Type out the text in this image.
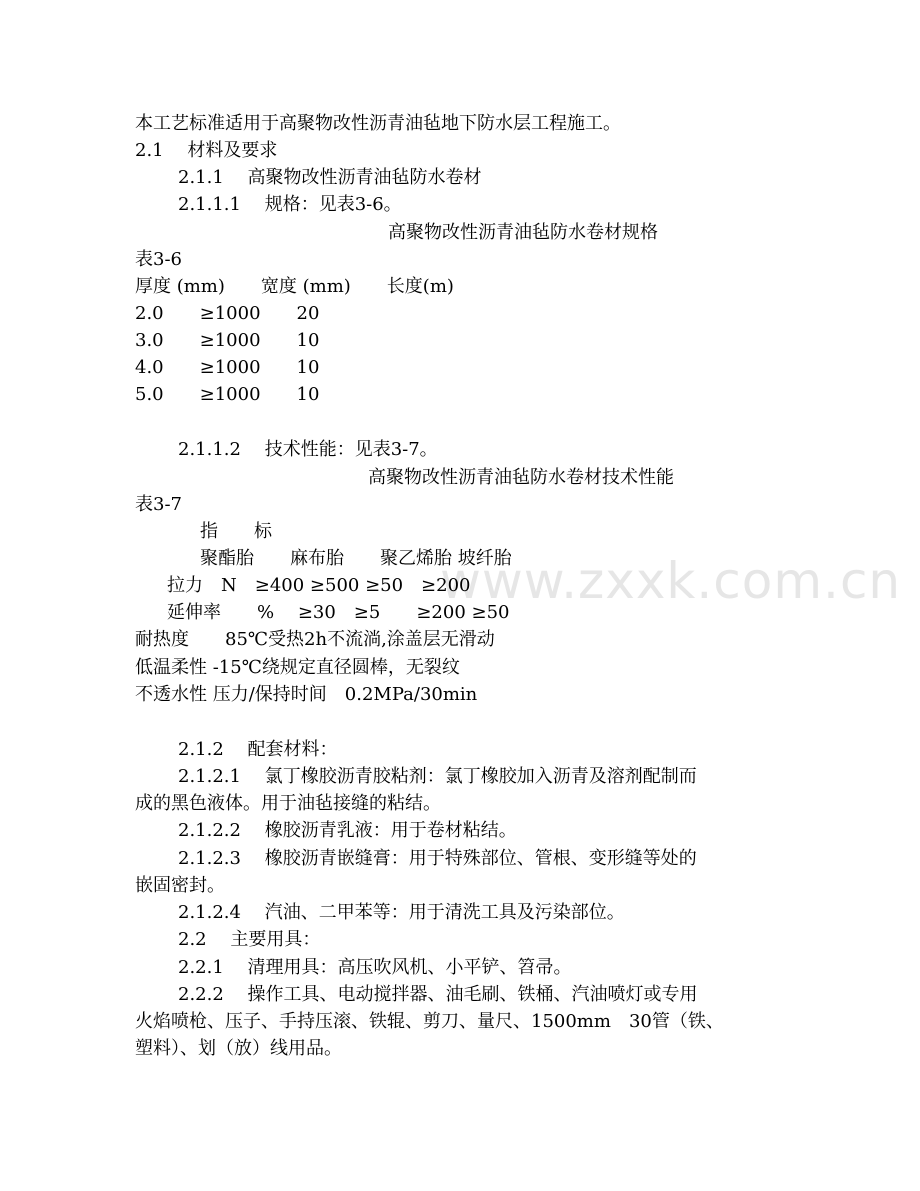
www.zxxk.com.cn

本工艺标准适用于高聚物改性沥青油毡地下防水层工程施工。

2.1　 材料及要求

2.1.1　 高聚物改性沥青油毡防水卷材

2.1.1.1　 规格：见表3-6。

高聚物改性沥青油毡防水卷材规格

表3-6

厚度 (mm)　　宽度 (mm)　　长度(m)

2.0　　≥1000　　20

3.0　　≥1000　　10

4.0　　≥1000　　10

5.0　　≥1000　　10

2.1.1.2　 技术性能：见表3-7。

高聚物改性沥青油毡防水卷材技术性能

表3-7

指　　标

聚酯胎　　麻布胎　　聚乙烯胎 坡纤胎

拉力　N　≥400 ≥500 ≥50　≥200

延伸率　　%　 ≥30　≥5　　≥200 ≥50

耐热度　　85℃受热2h不流淌,涂盖层无滑动

低温柔性 -15℃绕规定直径圆棒，无裂纹

不透水性 压力/保持时间　0.2MPa/30min

2.1.2　 配套材料：

2.1.2.1　 氯丁橡胶沥青胶粘剂：氯丁橡胶加入沥青及溶剂配制而

成的黑色液体。用于油毡接缝的粘结。

2.1.2.2　 橡胶沥青乳液：用于卷材粘结。

2.1.2.3　 橡胶沥青嵌缝膏：用于特殊部位、管根、变形缝等处的

嵌固密封。

2.1.2.4　 汽油、二甲苯等：用于清洗工具及污染部位。

2.2　 主要用具：

2.2.1　 清理用具：高压吹风机、小平铲、笤帚。

2.2.2　 操作工具、电动搅拌器、油毛刷、铁桶、汽油喷灯或专用

火焰喷枪、压子、手持压滚、铁辊、剪刀、量尺、1500mm　30管（铁、

塑料）、划（放）线用品。
